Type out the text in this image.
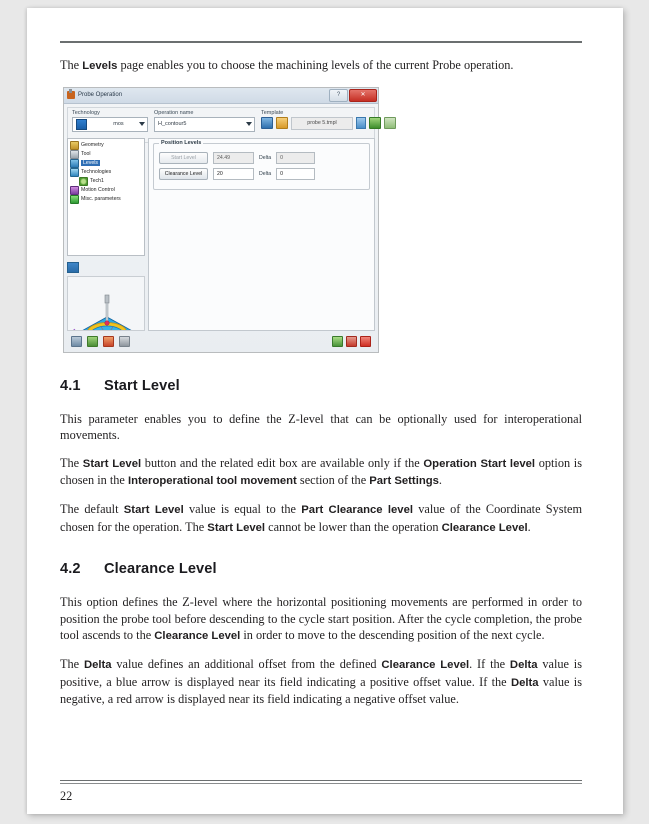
The Levels page enables you to choose the machining levels of the current Probe operation.

Probe Operation	?	✕
Technology
mos
Operation name
H_contour5
Template
probe 5.tmpl
Geometry
Tool
Levels
Technologies
Tech1
Motion Control
Misc. parameters
Position Levels
Start Level	24.49	Delta	0
Clearance Level	20	Delta	0
4.1 Start Level

This parameter enables you to define the Z-level that can be optionally used for interoperational movements.

The Start Level button and the related edit box are available only if the Operation Start level option is chosen in the Interoperational tool movement section of the Part Settings.

The default Start Level value is equal to the Part Clearance level value of the Coordinate System chosen for the operation. The Start Level cannot be lower than the operation Clearance Level.

4.2 Clearance Level

This option defines the Z-level where the horizontal positioning movements are performed in order to position the probe tool before descending to the cycle start position. After the cycle completion, the probe tool ascends to the Clearance Level in order to move to the descending position of the next cycle.

The Delta value defines an additional offset from the defined Clearance Level. If the Delta value is positive, a blue arrow is displayed near its field indicating a positive offset value. If the Delta value is negative, a red arrow is displayed near its field indicating a negative offset value.

22
